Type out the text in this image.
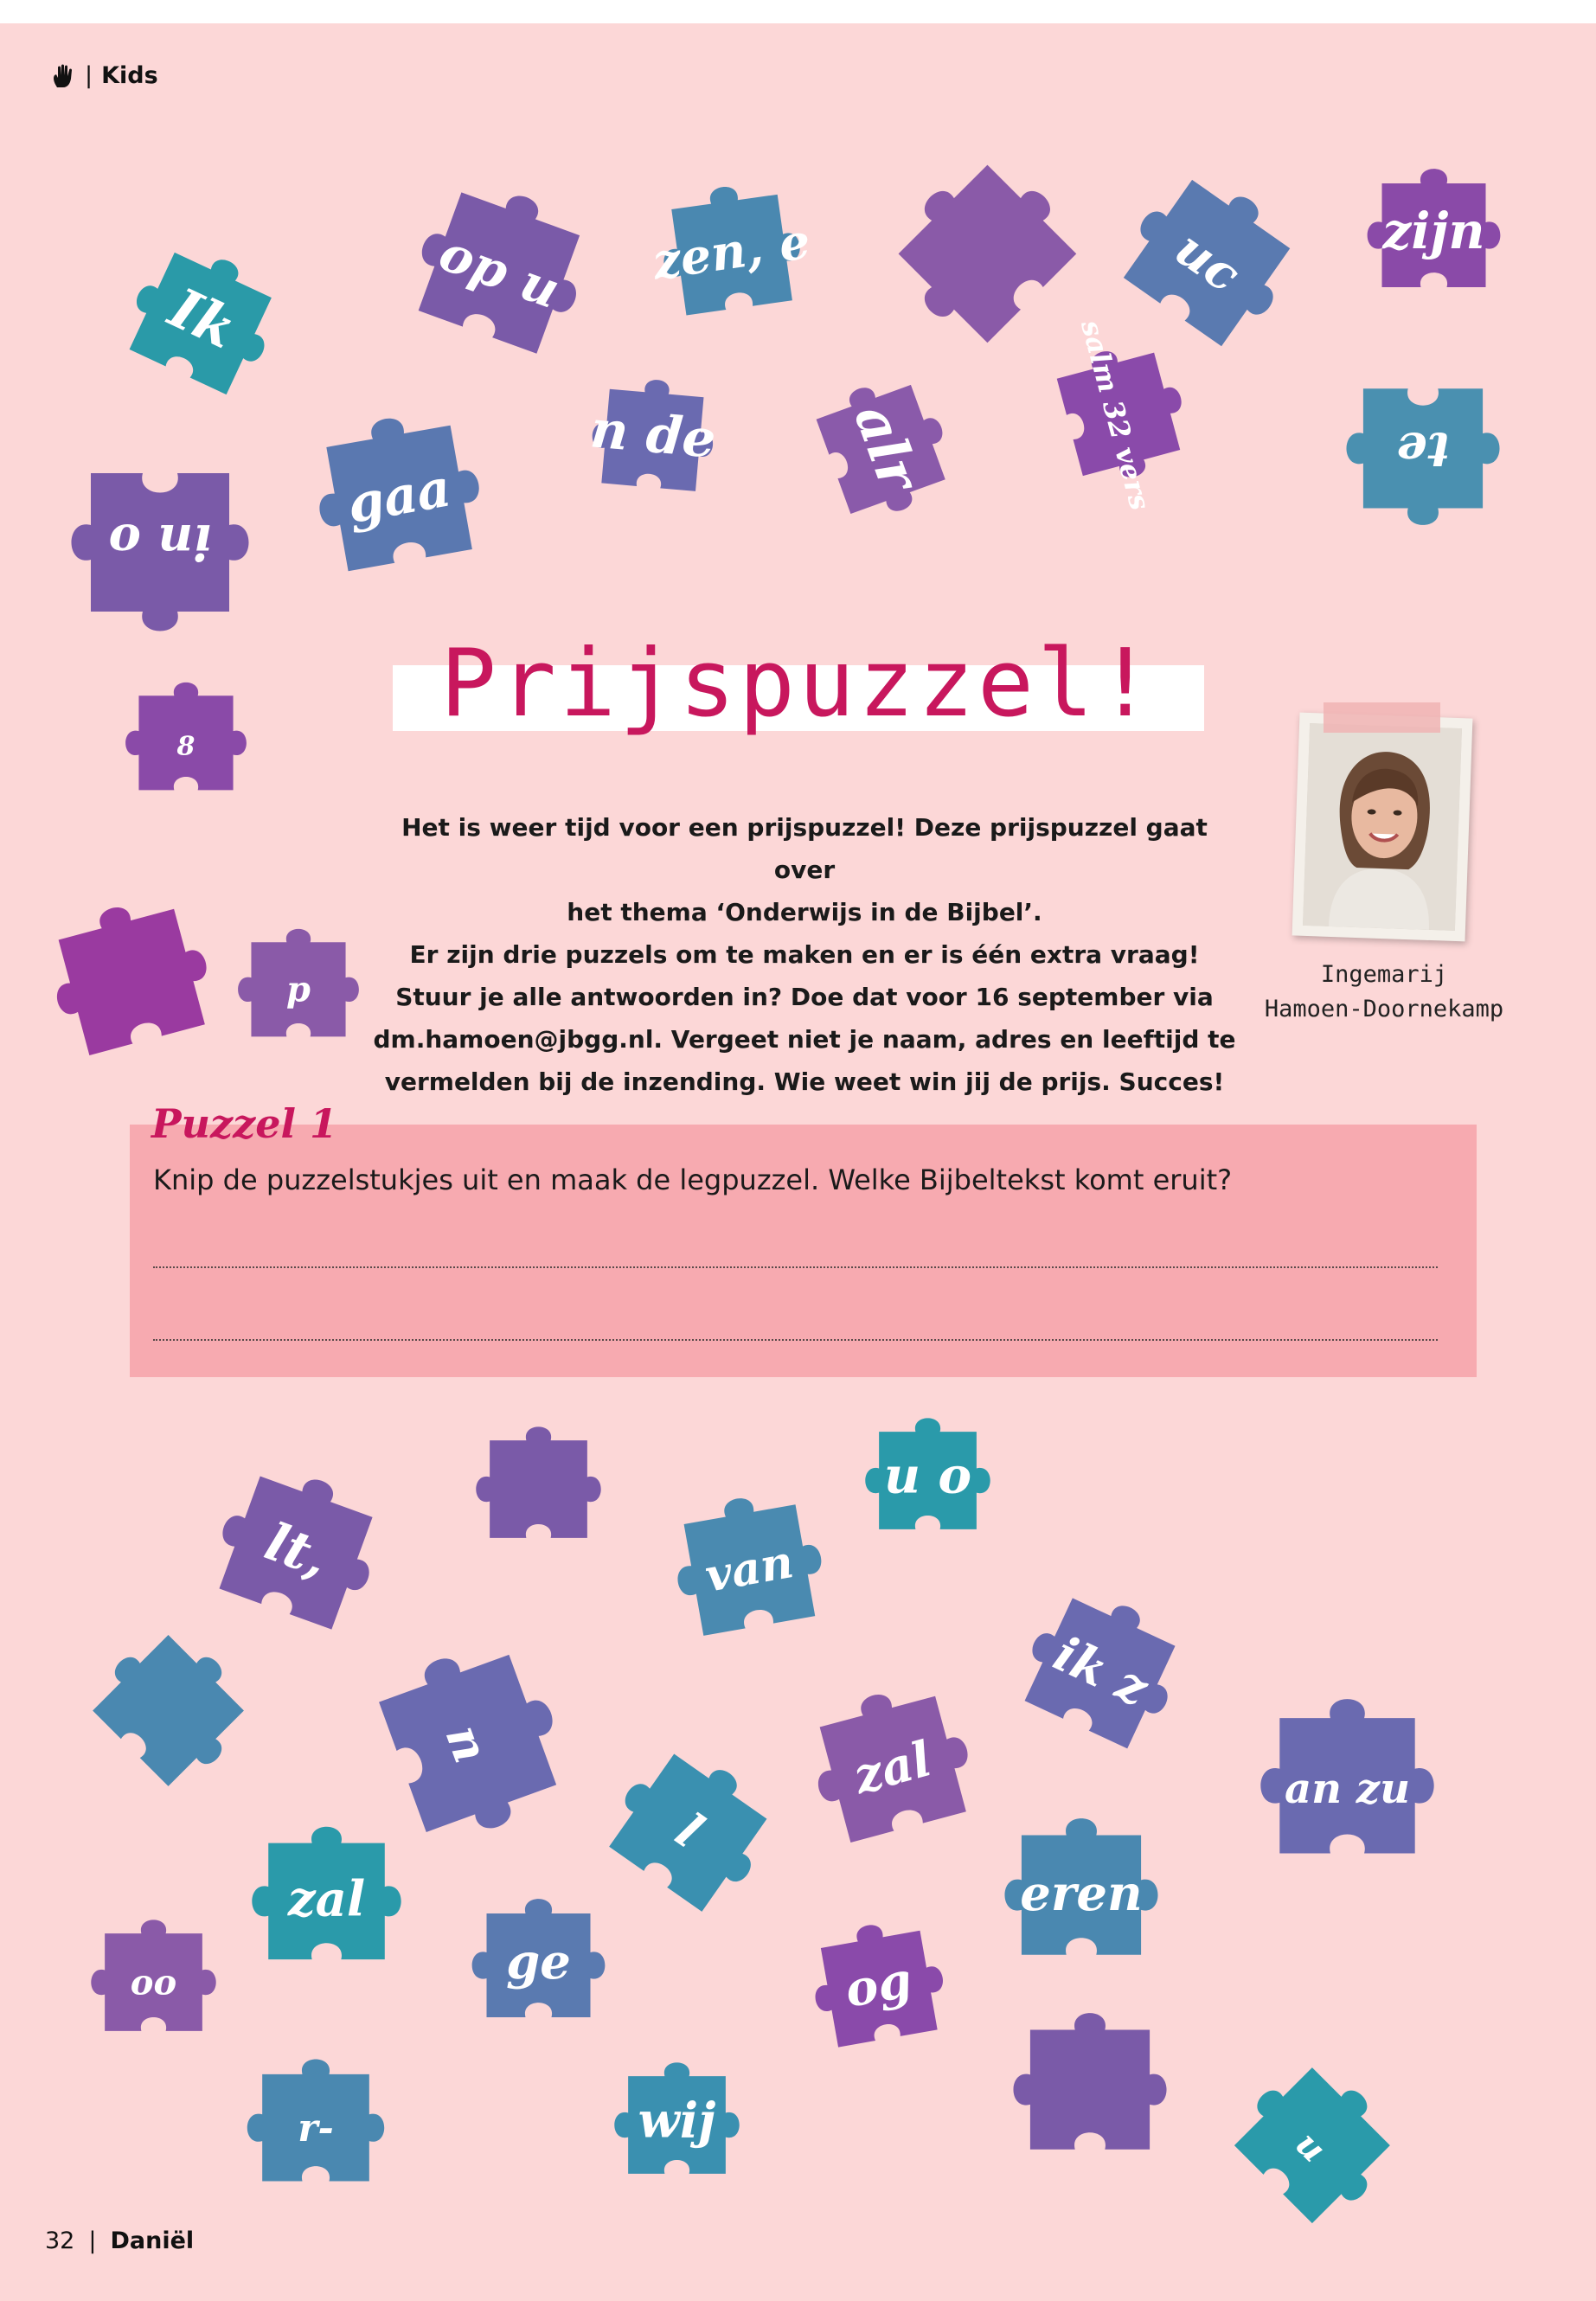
| Kids
Ik	op u	zen, e	uc	zijn
gaa
n de	alr	salm 32 vers	te
in o
8
p
lt,	van
u o
n
ik z
zal	an zu
l
zal	eren
ge	og
oo
r-	wij	u
Prijspuzzel!

Het is weer tijd voor een prijspuzzel! Deze prijspuzzel gaat over

het thema ‘Onderwijs in de Bijbel’.

Er zijn drie puzzels om te maken en er is één extra vraag!

Stuur je alle antwoorden in? Doe dat voor 16 september via

dm.hamoen@jbgg.nl. Vergeet niet je naam, adres en leeftijd te

vermelden bij de inzending. Wie weet win jij de prijs. Succes!

Ingemarij

Hamoen-Doornekamp

Puzzel 1
Knip de puzzelstukjes uit en maak de legpuzzel. Welke Bijbeltekst komt eruit?
32 | Daniël
